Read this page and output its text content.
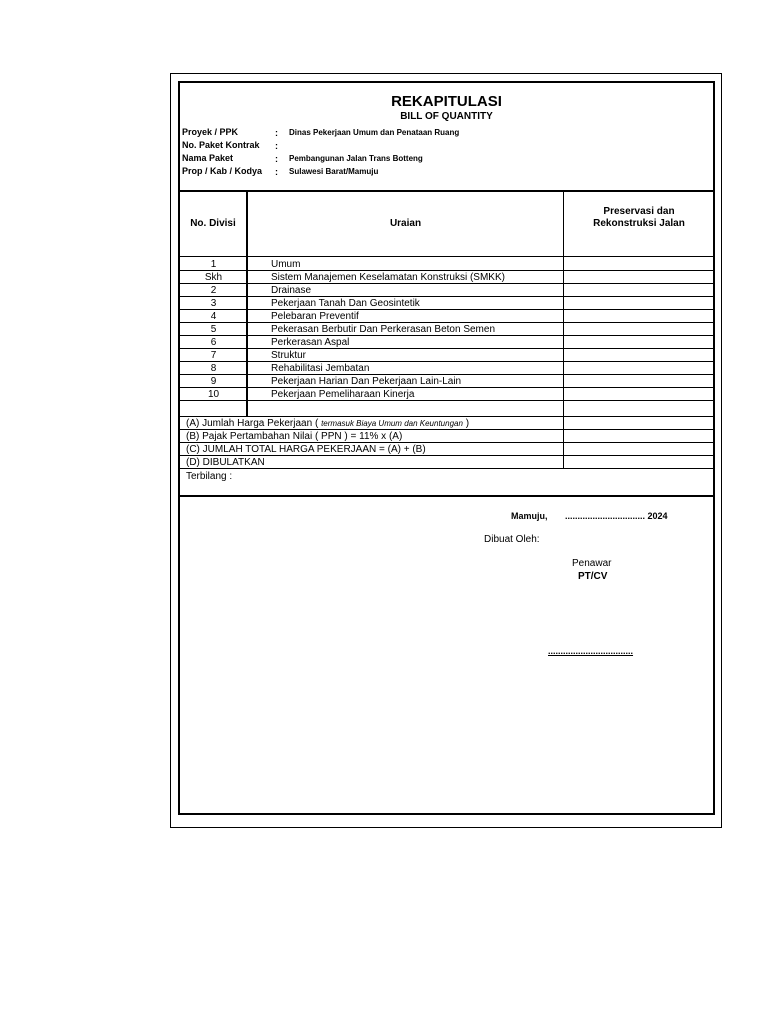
REKAPITULASI
BILL OF QUANTITY
Proyek / PPK	: Dinas Pekerjaan Umum dan Penataan Ruang
No. Paket Kontrak :
Nama Paket	: Pembangunan Jalan Trans Botteng
Prop / Kab / Kodya : Sulawesi Barat/Mamuju
No. Divisi	Uraian
Preservasi dan
Rekonstruksi Jalan
1	Umum
Skh	Sistem Manajemen Keselamatan Konstruksi (SMKK)
2	Drainase
3	Pekerjaan Tanah Dan Geosintetik
4	Pelebaran Preventif
5	Pekerasan Berbutir Dan Perkerasan Beton Semen
6	Perkerasan Aspal
7	Struktur
8	Rehabilitasi Jembatan
9	Pekerjaan Harian Dan Pekerjaan Lain-Lain
10	Pekerjaan Pemeliharaan Kinerja
(A) Jumlah Harga Pekerjaan ( termasuk Biaya Umum dan Keuntungan )
(B) Pajak Pertambahan Nilai ( PPN ) = 11% x (A)
(C) JUMLAH TOTAL HARGA PEKERJAAN = (A) + (B)
(D) DIBULATKAN
Terbilang :
Mamuju, ................................ 2024
Dibuat Oleh:
Penawar
PT/CV
..................................
